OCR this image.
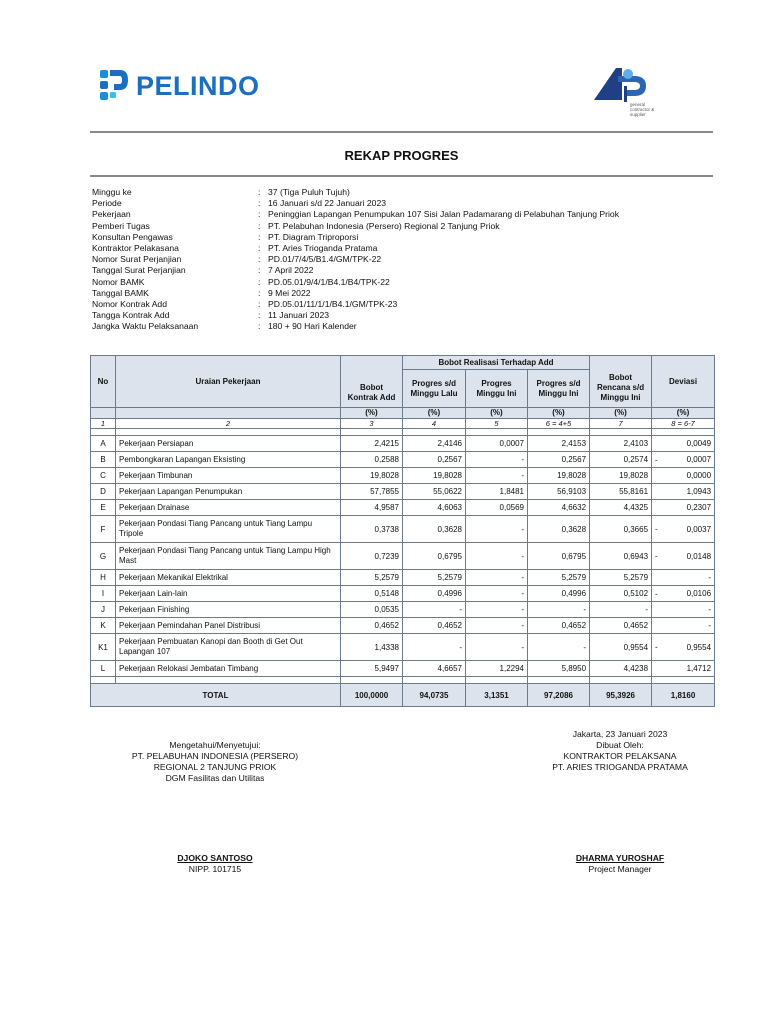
PELINDO
general contractor & supplier
REKAP PROGRES
Minggu ke	: 37 (Tiga Puluh Tujuh)
Periode	: 16 Januari s/d 22 Januari 2023
Pekerjaan	: Peninggian Lapangan Penumpukan 107 Sisi Jalan Padamarang di Pelabuhan Tanjung Priok
Pemberi Tugas	: PT. Pelabuhan Indonesia (Persero) Regional 2 Tanjung Priok
Konsultan Pengawas	: PT. Diagram Triproporsi
Kontraktor Pelakasana	: PT. Aries Trioganda Pratama
Nomor Surat Perjanjian	: PD.01/7/4/5/B1.4/GM/TPK-22
Tanggal Surat Perjanjian	: 7 April 2022
Nomor BAMK	: PD.05.01/9/4/1/B4.1/B4/TPK-22
Tanggal BAMK	: 9 Mei 2022
Nomor Kontrak Add	: PD.05.01/11/1/1/B4.1/GM/TPK-23
Tangga Kontrak Add	: 11 Januari 2023
Jangka Waktu Pelaksanaan	: 180 + 90 Hari Kalender
No	Uraian Pekerjaan	Bobot Kontrak Add	Bobot Realisasi Terhadap Add			Bobot Rencana s/d Minggu Ini	Deviasi
			Progres s/d Minggu Lalu	Progres Minggu Ini	Progres s/d Minggu Ini		
		(%)	(%)	(%)	(%)	(%)	(%)
1	2	3	4	5	6 = 4+5	7	8 = 6-7

A	Pekerjaan Persiapan	2,4215	2,4146	0,0007	2,4153	2,4103	0,0049
B	Pembongkaran Lapangan Eksisting	0,2588	0,2567	-	0,2567	0,2574	- 0,0007
C	Pekerjaan Timbunan	19,8028	19,8028	-	19,8028	19,8028	0,0000
D	Pekerjaan Lapangan Penumpukan	57,7855	55,0622	1,8481	56,9103	55,8161	1,0943
E	Pekerjaan Drainase	4,9587	4,6063	0,0569	4,6632	4,4325	0,2307
F	Pekerjaan Pondasi Tiang Pancang untuk Tiang Lampu Tripole	0,3738	0,3628	-	0,3628	0,3665	- 0,0037
G	Pekerjaan Pondasi Tiang Pancang untuk Tiang Lampu High Mast	0,7239	0,6795	-	0,6795	0,6943	- 0,0148
H	Pekerjaan Mekanikal Elektrikal	5,2579	5,2579	-	5,2579	5,2579	-
I	Pekerjaan Lain-lain	0,5148	0,4996	-	0,4996	0,5102	- 0,0106
J	Pekerjaan Finishing	0,0535	-	-	-	-	-
K	Pekerjaan Pemindahan Panel Distribusi	0,4652	0,4652	-	0,4652	0,4652	-
K1	Pekerjaan Pembuatan Kanopi dan Booth di Get Out Lapangan 107	1,4338	-	-	-	0,9554	- 0,9554
L	Pekerjaan Relokasi Jembatan Timbang	5,9497	4,6657	1,2294	5,8950	4,4238	1,4712

TOTAL		100,0000	94,0735	3,1351	97,2086	95,3926	1,8160
Mengetahui/Menyetujui:
PT. PELABUHAN INDONESIA (PERSERO)
REGIONAL 2 TANJUNG PRIOK
DGM Fasilitas dan Utilitas
DJOKO SANTOSO
NIPP. 101715
Jakarta, 23 Januari 2023
Dibuat Oleh:
KONTRAKTOR PELAKSANA
PT. ARIES TRIOGANDA PRATAMA
DHARMA YUROSHAF
Project Manager
